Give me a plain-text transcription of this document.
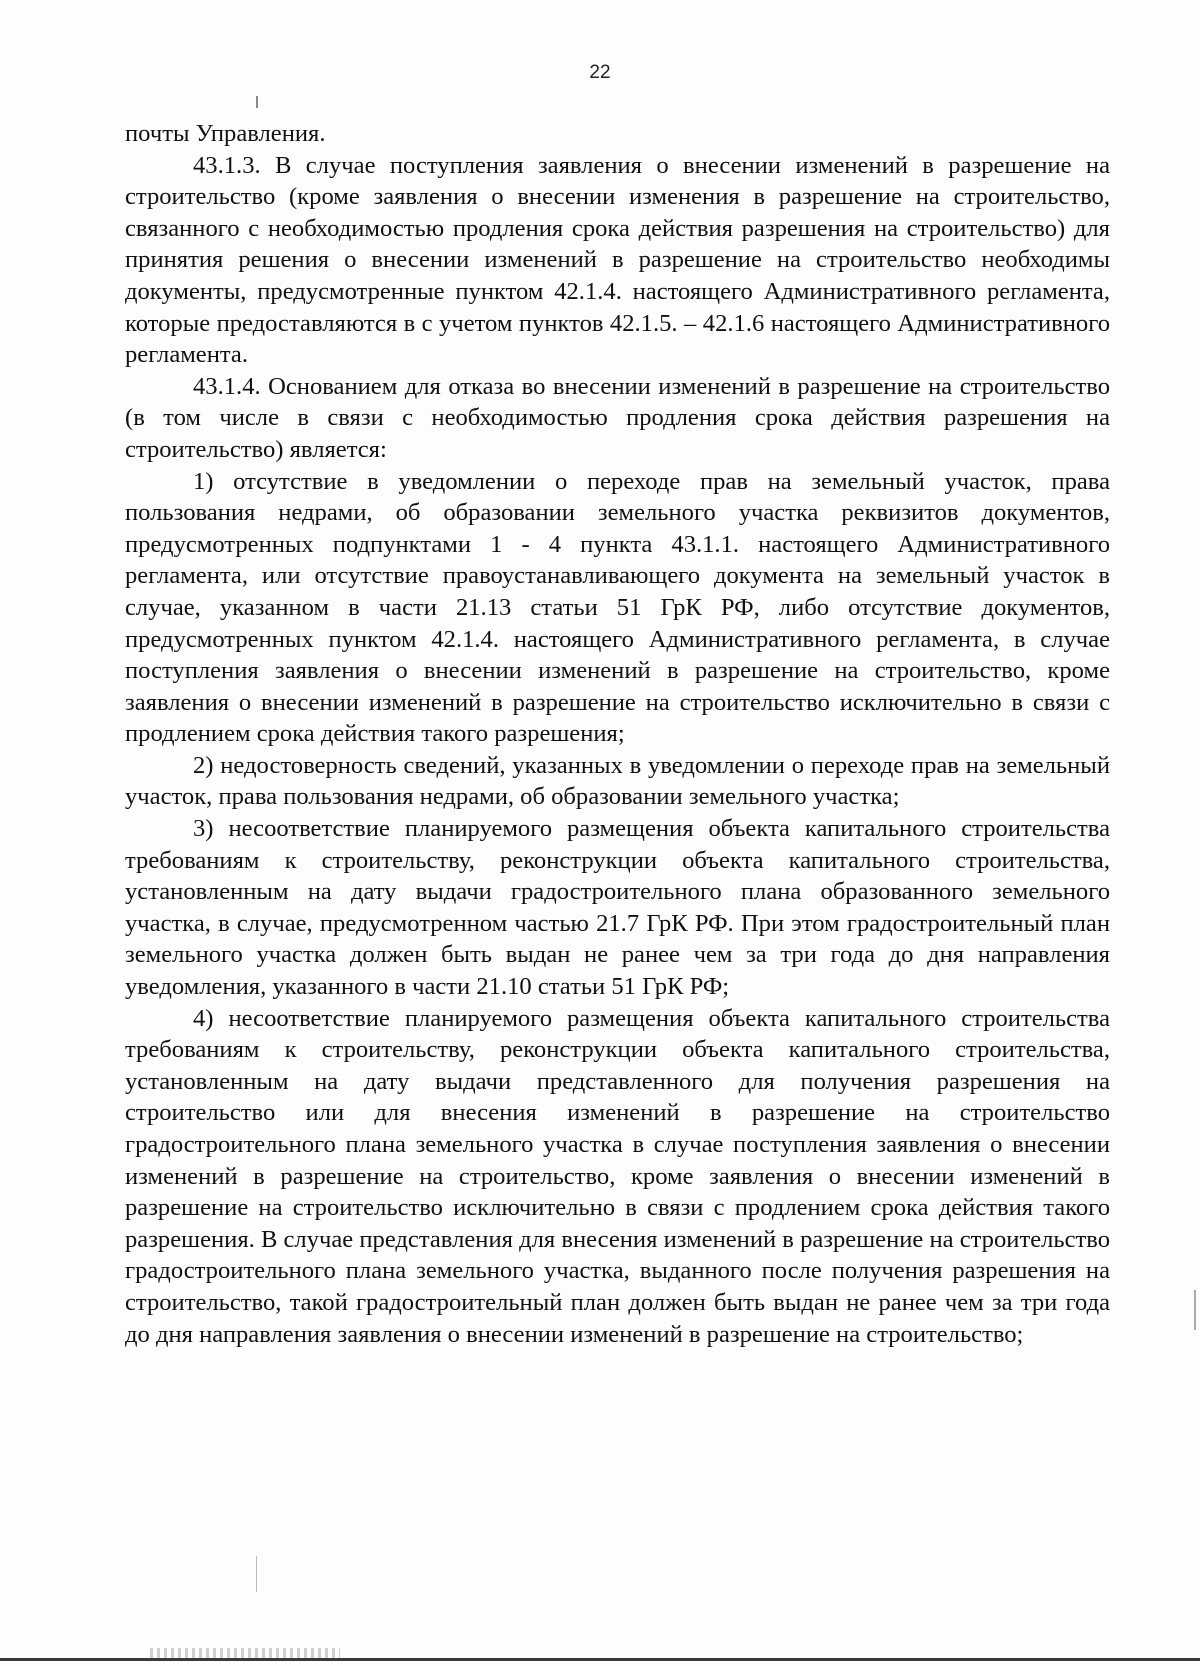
22

почты Управления.

43.1.3. В случае поступления заявления о внесении изменений в разрешение на строительство (кроме заявления о внесении изменения в разрешение на строительство, связанного с необходимостью продления срока действия разрешения на строительство) для принятия решения о внесении изменений в разрешение на строительство необходимы документы, предусмотренные пунктом 42.1.4. настоящего Административного регламента, которые предоставляются в с учетом пунктов 42.1.5. – 42.1.6 настоящего Административного регламента.

43.1.4. Основанием для отказа во внесении изменений в разрешение на строительство (в том числе в связи с необходимостью продления срока действия разрешения на строительство) является:

1) отсутствие в уведомлении о переходе прав на земельный участок, права пользования недрами, об образовании земельного участка реквизитов документов, предусмотренных подпунктами 1 - 4 пункта 43.1.1. настоящего Административного регламента, или отсутствие правоустанавливающего документа на земельный участок в случае, указанном в части 21.13 статьи 51 ГрК РФ, либо отсутствие документов, предусмотренных пунктом 42.1.4. настоящего Административного регламента, в случае поступления заявления о внесении изменений в разрешение на строительство, кроме заявления о внесении изменений в разрешение на строительство исключительно в связи с продлением срока действия такого разрешения;

2) недостоверность сведений, указанных в уведомлении о переходе прав на земельный участок, права пользования недрами, об образовании земельного участка;

3) несоответствие планируемого размещения объекта капитального строительства требованиям к строительству, реконструкции объекта капитального строительства, установленным на дату выдачи градостроительного плана образованного земельного участка, в случае, предусмотренном частью 21.7 ГрК РФ. При этом градостроительный план земельного участка должен быть выдан не ранее чем за три года до дня направления уведомления, указанного в части 21.10 статьи 51 ГрК РФ;

4) несоответствие планируемого размещения объекта капитального строительства требованиям к строительству, реконструкции объекта капитального строительства, установленным на дату выдачи представленного для получения разрешения на строительство или для внесения изменений в разрешение на строительство градостроительного плана земельного участка в случае поступления заявления о внесении изменений в разрешение на строительство, кроме заявления о внесении изменений в разрешение на строительство исключительно в связи с продлением срока действия такого разрешения. В случае представления для внесения изменений в разрешение на строительство градостроительного плана земельного участка, выданного после получения разрешения на строительство, такой градостроительный план должен быть выдан не ранее чем за три года до дня направления заявления о внесении изменений в разрешение на строительство;
